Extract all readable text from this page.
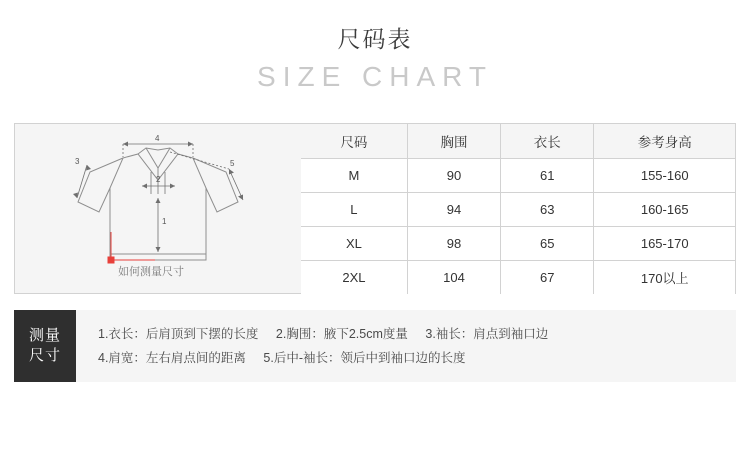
尺码表
SIZE CHART
4
3	5
2
1
如何测量尺寸
尺码	胸围	衣长	参考身高
M	90	61	155-160
L	94	63	160-165
XL	98	65	165-170
2XL	104	67	170以上
测量
尺寸
1.衣长：后肩顶到下摆的长度 2.胸围：腋下2.5cm度量 3.袖长：肩点到袖口边
4.肩宽：左右肩点间的距离 5.后中-袖长：领后中到袖口边的长度
